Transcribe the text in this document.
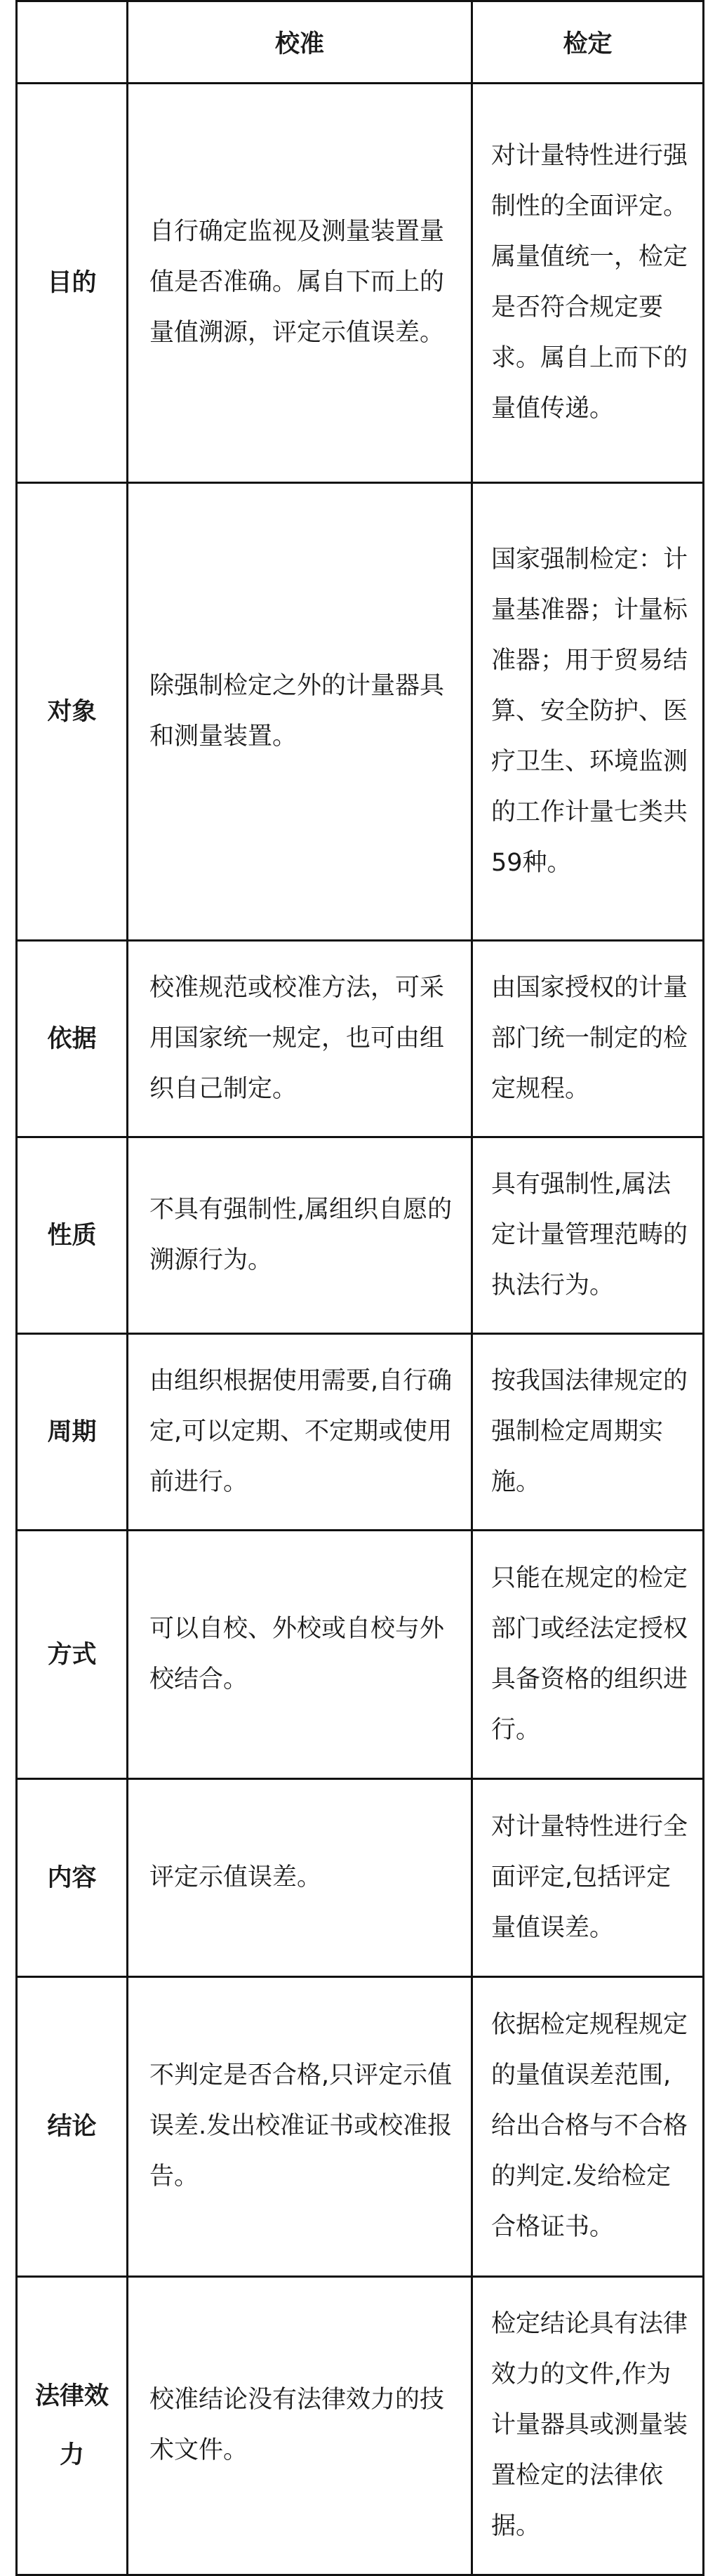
	校准	检定
目的	自行确定监视及测量装置量值是否准确。属自下而上的量值溯源，评定示值误差。	对计量特性进行强制性的全面评定。属量值统一，检定是否符合规定要求。属自上而下的量值传递。
对象	除强制检定之外的计量器具和测量装置。	国家强制检定：计量基准器；计量标准器；用于贸易结算、安全防护、医疗卫生、环境监测的工作计量七类共59种。
依据	校准规范或校准方法，可采用国家统一规定，也可由组织自己制定。	由国家授权的计量部门统一制定的检定规程。
性质	不具有强制性,属组织自愿的溯源行为。	具有强制性,属法定计量管理范畴的执法行为。
周期	由组织根据使用需要,自行确定,可以定期、不定期或使用前进行。	按我国法律规定的强制检定周期实施。
方式	可以自校、外校或自校与外校结合。	只能在规定的检定部门或经法定授权具备资格的组织进行。
内容	评定示值误差。	对计量特性进行全面评定,包括评定量值误差。
结论	不判定是否合格,只评定示值误差.发出校准证书或校准报告。	依据检定规程规定的量值误差范围,给出合格与不合格的判定.发给检定合格证书。
法律效力	校准结论没有法律效力的技术文件。	检定结论具有法律效力的文件,作为计量器具或测量装置检定的法律依据。
